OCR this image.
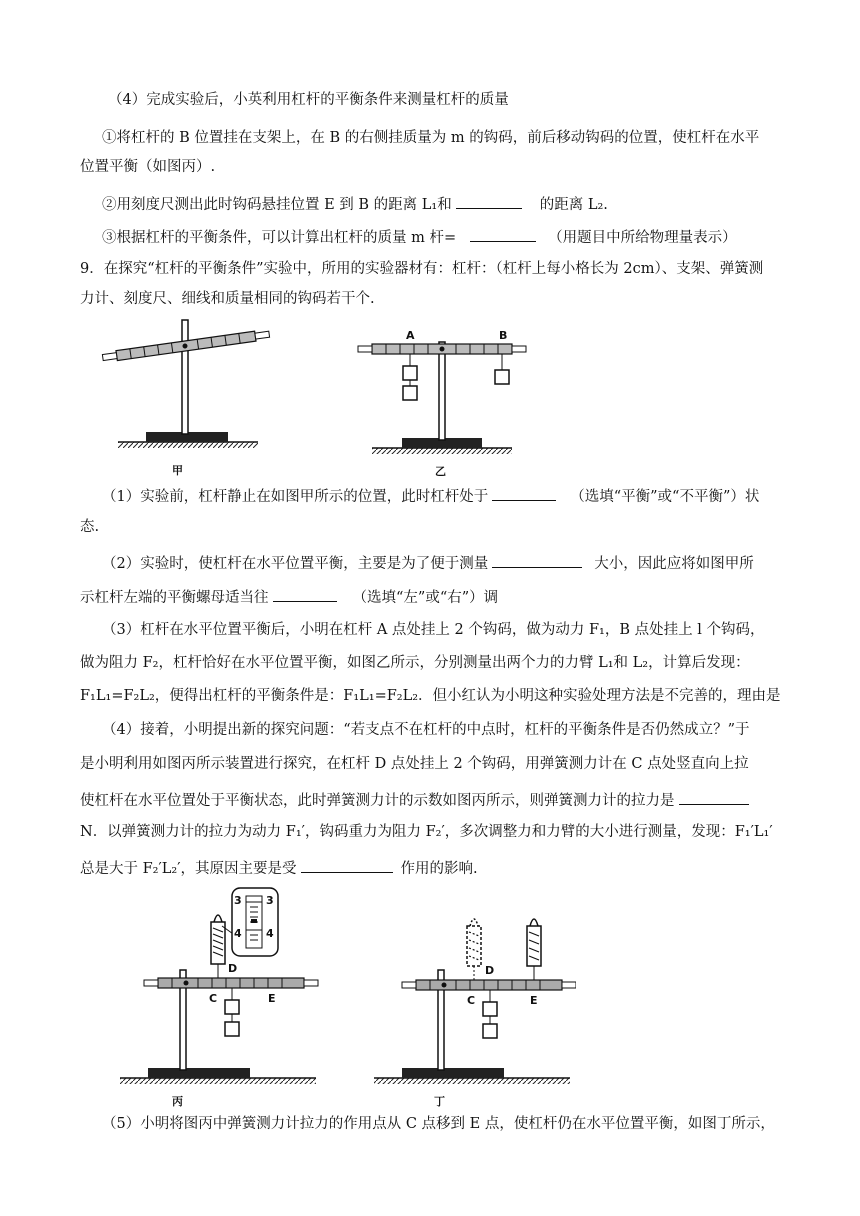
（4）完成实验后，小英利用杠杆的平衡条件来测量杠杆的质量
①将杠杆的 B 位置挂在支架上，在 B 的右侧挂质量为 m 的钩码，前后移动钩码的位置，使杠杆在水平
位置平衡（如图丙）.
②用刻度尺测出此时钩码悬挂位置 E 到 B 的距离 L₁和	的距离 L₂.
③根据杠杆的平衡条件，可以计算出杠杆的质量 m 杆=	（用题目中所给物理量表示）
9．在探究“杠杆的平衡条件”实验中，所用的实验器材有：杠杆：（杠杆上每小格长为 2cm）、支架、弹簧测
力计、刻度尺、细线和质量相同的钩码若干个.
甲
A	B
乙
（1）实验前，杠杆静止在如图甲所示的位置，此时杠杆处于	（选填“平衡”或“不平衡”）状
态.
（2）实验时，使杠杆在水平位置平衡，主要是为了便于测量	大小，因此应将如图甲所
示杠杆左端的平衡螺母适当往	（选填“左”或“右”）调
（3）杠杆在水平位置平衡后，小明在杠杆 A 点处挂上 2 个钩码，做为动力 F₁，B 点处挂上 l 个钩码，
做为阻力 F₂，杠杆恰好在水平位置平衡，如图乙所示，分别测量出两个力的力臂 L₁和 L₂，计算后发现：
F₁L₁=F₂L₂，便得出杠杆的平衡条件是：F₁L₁=F₂L₂．但小红认为小明这种实验处理方法是不完善的，理由是
（4）接着，小明提出新的探究问题：“若支点不在杠杆的中点时，杠杆的平衡条件是否仍然成立？”于
是小明利用如图丙所示装置进行探究，在杠杆 D 点处挂上 2 个钩码，用弹簧测力计在 C 点处竖直向上拉
使杠杆在水平位置处于平衡状态，此时弹簧测力计的示数如图丙所示，则弹簧测力计的拉力是
N．以弹簧测力计的拉力为动力 F₁′，钩码重力为阻力 F₂′，多次调整力和力臂的大小进行测量，发现：F₁′L₁′
总是大于 F₂′L₂′，其原因主要是受	作用的影响.
3 3
4 4
D
C	E
丙
D
C	E
丁
（5）小明将图丙中弹簧测力计拉力的作用点从 C 点移到 E 点，使杠杆仍在水平位置平衡，如图丁所示，
